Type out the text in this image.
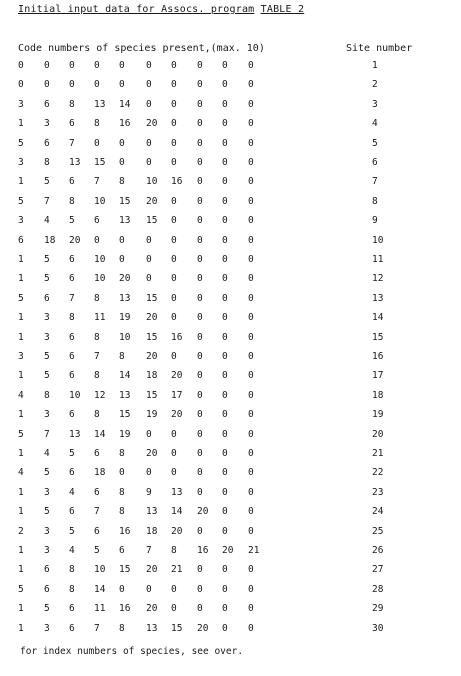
Initial input data for Assocs. program TABLE 2
Code numbers of species present,(max. 10)	Site number
0	0	0	0	0	0	0	0	0	0	1
0	0	0	0	0	0	0	0	0	0	2
3	6	8	13	14	0	0	0	0	0	3
1	3	6	8	16	20	0	0	0	0	4
5	6	7	0	0	0	0	0	0	0	5
3	8	13	15	0	0	0	0	0	0	6
1	5	6	7	8	10	16	0	0	0	7
5	7	8	10	15	20	0	0	0	0	8
3	4	5	6	13	15	0	0	0	0	9
6	18	20	0	0	0	0	0	0	0	10
1	5	6	10	0	0	0	0	0	0	11
1	5	6	10	20	0	0	0	0	0	12
5	6	7	8	13	15	0	0	0	0	13
1	3	8	11	19	20	0	0	0	0	14
1	3	6	8	10	15	16	0	0	0	15
3	5	6	7	8	20	0	0	0	0	16
1	5	6	8	14	18	20	0	0	0	17
4	8	10	12	13	15	17	0	0	0	18
1	3	6	8	15	19	20	0	0	0	19
5	7	13	14	19	0	0	0	0	0	20
1	4	5	6	8	20	0	0	0	0	21
4	5	6	18	0	0	0	0	0	0	22
1	3	4	6	8	9	13	0	0	0	23
1	5	6	7	8	13	14	20	0	0	24
2	3	5	6	16	18	20	0	0	0	25
1	3	4	5	6	7	8	16	20	21	26
1	6	8	10	15	20	21	0	0	0	27
5	6	8	14	0	0	0	0	0	0	28
1	5	6	11	16	20	0	0	0	0	29
1	3	6	7	8	13	15	20	0	0	30
for index numbers of species, see over.
